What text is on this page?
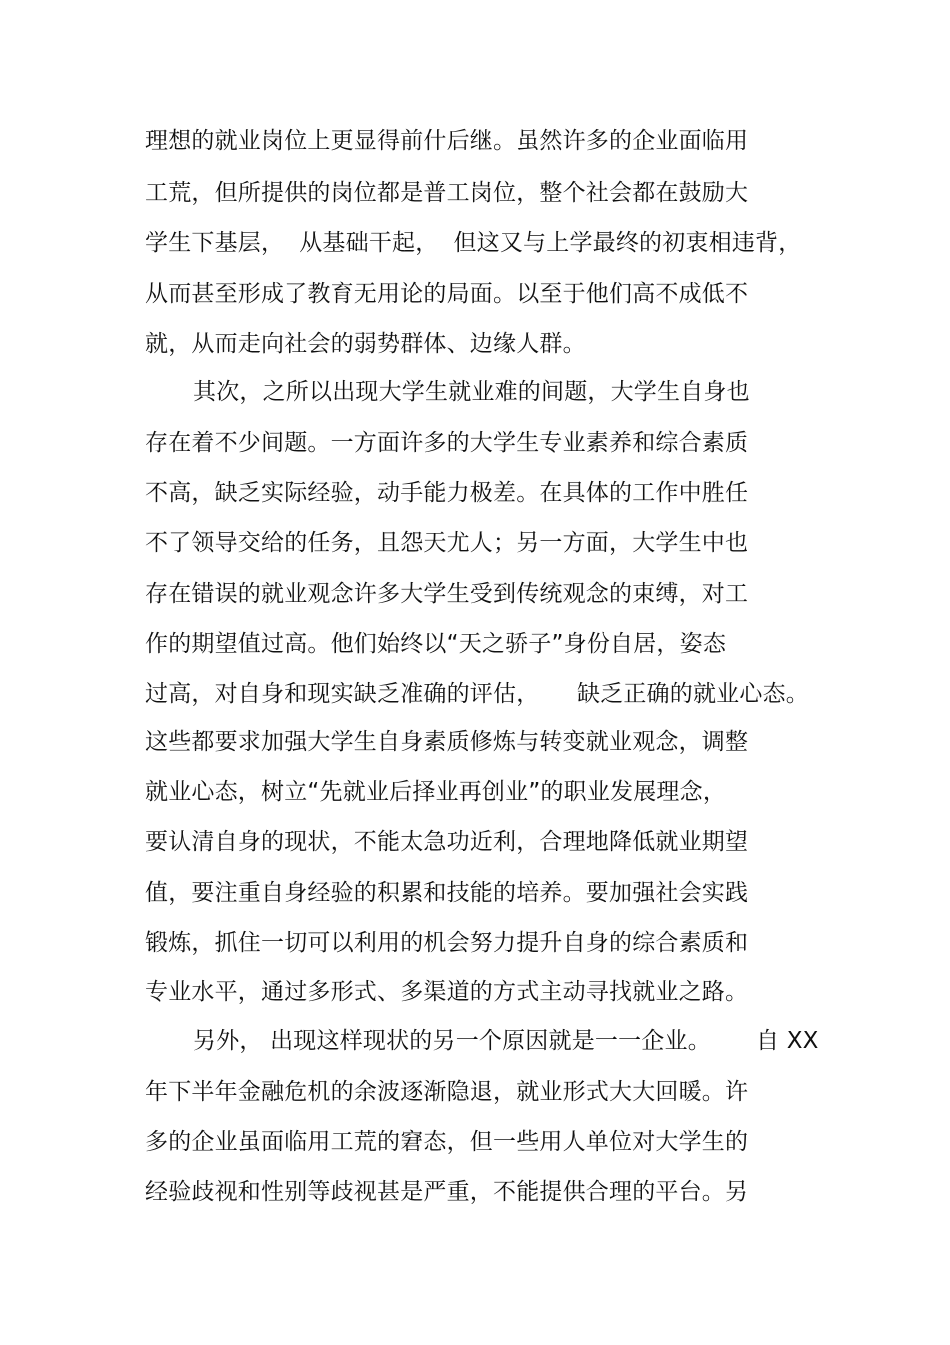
理想的就业岗位上更显得前什后继。虽然许多的企业面临用
工荒，但所提供的岗位都是普工岗位，整个社会都在鼓励大
学生下基层，  从基础干起，  但这又与上学最终的初衷相违背，
从而甚至形成了教育无用论的局面。以至于他们高不成低不
就，从而走向社会的弱势群体、边缘人群。
其次，之所以出现大学生就业难的间题，大学生自身也
存在着不少间题。一方面许多的大学生专业素养和综合素质
不高，缺乏实际经验，动手能力极差。在具体的工作中胜任
不了领导交给的任务，且怨天尤人；另一方面，大学生中也
存在错误的就业观念许多大学生受到传统观念的束缚，对工
作的期望值过高。他们始终以“天之骄子”身份自居，姿态
过高，对自身和现实缺乏准确的评估，     缺乏正确的就业心态。
这些都要求加强大学生自身素质修炼与转变就业观念，调整
就业心态，树立“先就业后择业再创业”的职业发展理念，
要认清自身的现状，不能太急功近利，合理地降低就业期望
值，要注重自身经验的积累和技能的培养。要加强社会实践
锻炼，抓住一切可以利用的机会努力提升自身的综合素质和
专业水平，通过多形式、多渠道的方式主动寻找就业之路。
另外， 出现这样现状的另一个原因就是一一企业。      自 XX
年下半年金融危机的余波逐渐隐退，就业形式大大回暖。许
多的企业虽面临用工荒的窘态，但一些用人单位对大学生的
经验歧视和性别等歧视甚是严重，不能提供合理的平台。另
